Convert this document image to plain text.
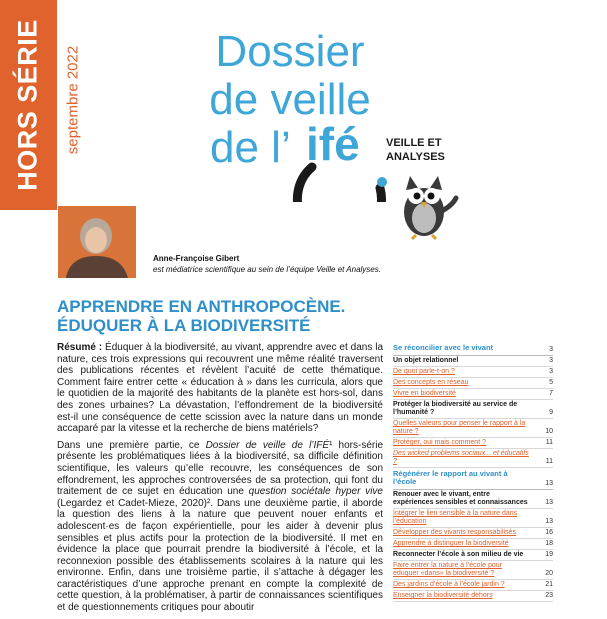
HORS SÉRIE septembre 2022	Dossier
de veille
de l’ ifé VEILLE ET
ANALYSES
Anne-Françoise Gibert
est médiatrice scientifique au sein de l’équipe Veille et Analyses.
APPRENDRE EN ANTHROPOCÈNE.
ÉDUQUER À LA BIODIVERSITÉ

Résumé : Éduquer à la biodiversité, au vivant, apprendre avec et dans la nature, ces trois expressions qui recouvrent une même réalité traversent des publications récentes et révèlent l’acuité de cette thématique. Comment faire entrer cette « éducation à » dans les curricula, alors que le quotidien de la majorité des habitants de la planète est hors-sol, dans des zones urbaines? La dévastation, l’effondrement de la biodiversité est-il une conséquence de cette scission avec la nature dans un monde accaparé par la vitesse et la recherche de biens matériels?

Dans une première partie, ce Dossier de veille de l’IFÉ¹ hors-série présente les problématiques liées à la biodiversité, sa difficile définition scientifique, les valeurs qu’elle recouvre, les conséquences de son effondrement, les approches controversées de sa protection, qui font du traitement de ce sujet en éducation une question sociétale hyper vive (Legardez et Cadet-Mieze, 2020)². Dans une deuxième partie, il aborde la question des liens à la nature que peuvent nouer enfants et adolescent·es de façon expérientielle, pour les aider à devenir plus sensibles et plus actifs pour la protection de la biodiversité. Il met en évidence la place que pourrait prendre la biodiversité à l’école, et la reconnexion possible des établissements scolaires à la nature qui les environne. Enfin, dans une troisième partie, il s’attache à dégager les caractéristiques d’une approche prenant en compte la complexité de cette question, à la problématiser, à partir de connaissances scientifiques et de questionnements critiques pour aboutir

Se réconcilier avec le vivant	3
Un objet relationnel	3
De quoi parle-t-on ?	3
Des concepts en réseau	5
Vivre en biodiversité	7
Protéger la biodiversité au service de l’humanité ?	9
Quelles valeurs pour penser le rapport à la nature ?	10
Protéger, oui mais comment ?	11
Des wicked problems sociaux... et éducatifs ?	11
Régénérer le rapport au vivant à l’école	13
Renouer avec le vivant, entre expériences sensibles et connaissances	13
Intégrer le lien sensible à la nature dans l’éducation	13
Développer des vivants responsabilisés	16
Apprendre à distinguer la biodiversité	18
Reconnecter l’école à son milieu de vie	19
Faire entrer la nature à l’école pour éduquer «dans» la biodiversité ?	20
Des jardins d’école à l’école jardin ?	21
Enseigner la biodiversité dehors	23
